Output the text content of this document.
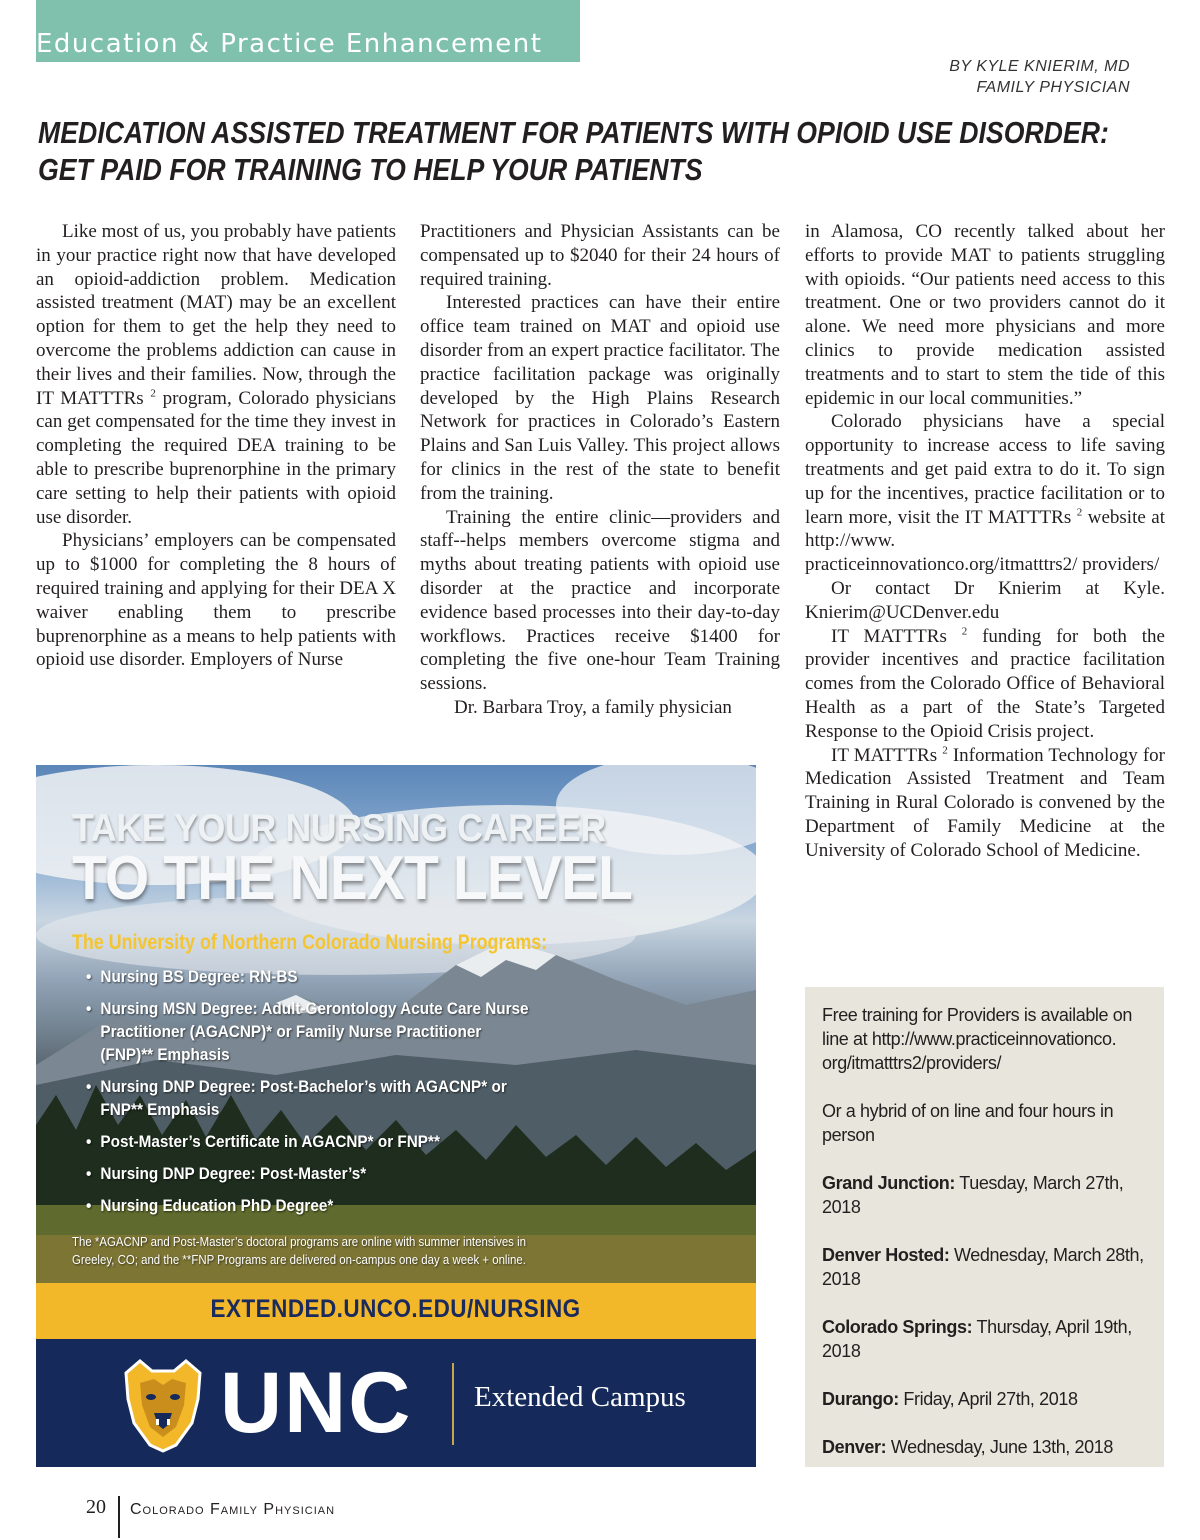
Education & Practice Enhancement
BY KYLE KNIERIM, MD
FAMILY PHYSICIAN
MEDICATION ASSISTED TREATMENT FOR PATIENTS WITH OPIOID USE DISORDER:
GET PAID FOR TRAINING TO HELP YOUR PATIENTS

Like most of us, you probably have patients in your practice right now that have developed an opioid-addiction problem. Medication assisted treatment (MAT) may be an excellent option for them to get the help they need to overcome the problems addiction can cause in their lives and their families. Now, through the IT MATTTRs $^2$ program, Colorado physicians can get compensated for the time they invest in completing the required DEA training to be able to prescribe buprenorphine in the primary care setting to help their patients with opioid use disorder.

Physicians’ employers can be compensated up to $1000 for completing the 8 hours of required training and applying for their DEA X waiver enabling them to prescribe buprenorphine as a means to help patients with opioid use disorder. Employers of Nurse

Practitioners and Physician Assistants can be compensated up to $2040 for their 24 hours of required training.

Interested practices can have their entire office team trained on MAT and opioid use disorder from an expert practice facilitator. The practice facilitation package was originally developed by the High Plains Research Network for practices in Colorado’s Eastern Plains and San Luis Valley. This project allows for clinics in the rest of the state to benefit from the training.

Training the entire clinic—providers and staff--helps members overcome stigma and myths about treating patients with opioid use disorder at the practice and incorporate evidence based processes into their day-to-day workflows. Practices receive $1400 for completing the five one-hour Team Training sessions.

Dr. Barbara Troy, a family physician

in Alamosa, CO recently talked about her efforts to provide MAT to patients struggling with opioids. “Our patients need access to this treatment. One or two providers cannot do it alone. We need more physicians and more clinics to provide medication assisted treatments and to start to stem the tide of this epidemic in our local communities.”

Colorado physicians have a special opportunity to increase access to life saving treatments and get paid extra to do it. To sign up for the incentives, practice facilitation or to learn more, visit the IT MATTTRs $^2$ website at http://www. practiceinnovationco.org/itmatttrs2/ providers/

Or contact Dr Knierim at Kyle. Knierim@UCDenver.edu

IT MATTTRs $^2$ funding for both the provider incentives and practice facilitation comes from the Colorado Office of Behavioral Health as a part of the State’s Targeted Response to the Opioid Crisis project.

IT MATTTRs $^2$ Information Technology for Medication Assisted Treatment and Team Training in Rural Colorado is convened by the Department of Family Medicine at the University of Colorado School of Medicine.

TAKE YOUR NURSING CAREER
TO THE NEXT LEVEL
The University of Northern Colorado Nursing Programs:
• Nursing BS Degree: RN-BS
• Nursing MSN Degree: Adult-Gerontology Acute Care Nurse Practitioner (AGACNP)* or Family Nurse Practitioner (FNP)** Emphasis
• Nursing DNP Degree: Post-Bachelor’s with AGACNP* or FNP** Emphasis
• Post-Master’s Certificate in AGACNP* or FNP**
• Nursing DNP Degree: Post-Master’s*
• Nursing Education PhD Degree*
The *AGACNP and Post-Master’s doctoral programs are online with summer intensives in Greeley, CO; and the **FNP Programs are delivered on-campus one day a week + online.
EXTENDED.UNCO.EDU/NURSING
UNC Extended Campus

Free training for Providers is available on line at http://www.practiceinnovationco. org/itmatttrs2/providers/

Or a hybrid of on line and four hours in person

Grand Junction: Tuesday, March 27th, 2018

Denver Hosted: Wednesday, March 28th, 2018

Colorado Springs: Thursday, April 19th, 2018

Durango: Friday, April 27th, 2018

Denver: Wednesday, June 13th, 2018

20 Colorado Family Physician
